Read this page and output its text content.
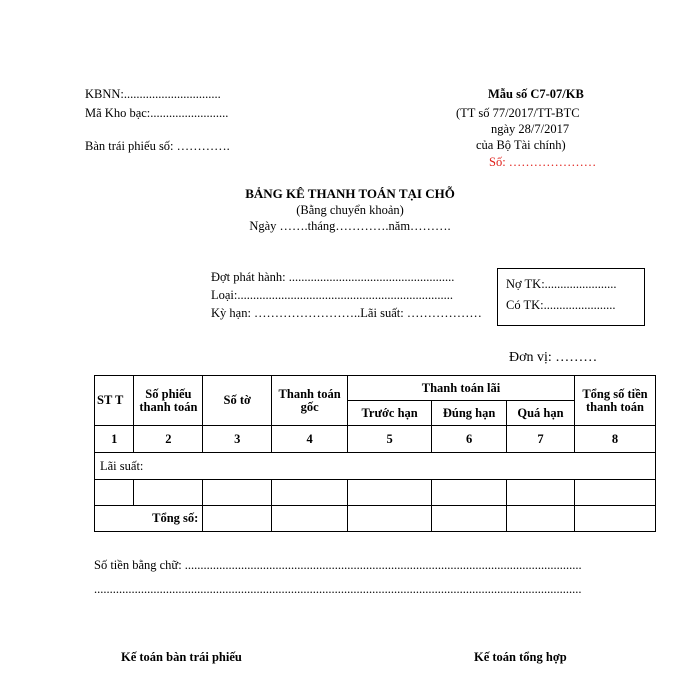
KBNN:...............................
Mã Kho bạc:.........................
Bàn trái phiếu số: ………….
Mẫu số C7-07/KB
(TT số 77/2017/TT-BTC
ngày 28/7/2017
của Bộ Tài chính)
Số: …………………
BẢNG KÊ THANH TOÁN TẠI CHỖ
(Bằng chuyển khoản)
Ngày …….tháng………….năm……….
Đợt phát hành: .....................................................
Loại:.....................................................................
Kỳ hạn: ……………………..Lãi suất: ………………
Nợ TK:.......................
Có TK:.......................
Đơn vị: ………
ST T	Số phiếu thanh toán	Số tờ	Thanh toán gốc	Thanh toán lãi			Tổng số tiền thanh toán
				Trước hạn	Đúng hạn	Quá hạn	
1	2	3	4	5	6	7	8
Lãi suất:							

Tổng số:							
Số tiền bằng chữ: ...............................................................................................................................
............................................................................................................................................................
Kế toán bàn trái phiếu	Kế toán tổng hợp
